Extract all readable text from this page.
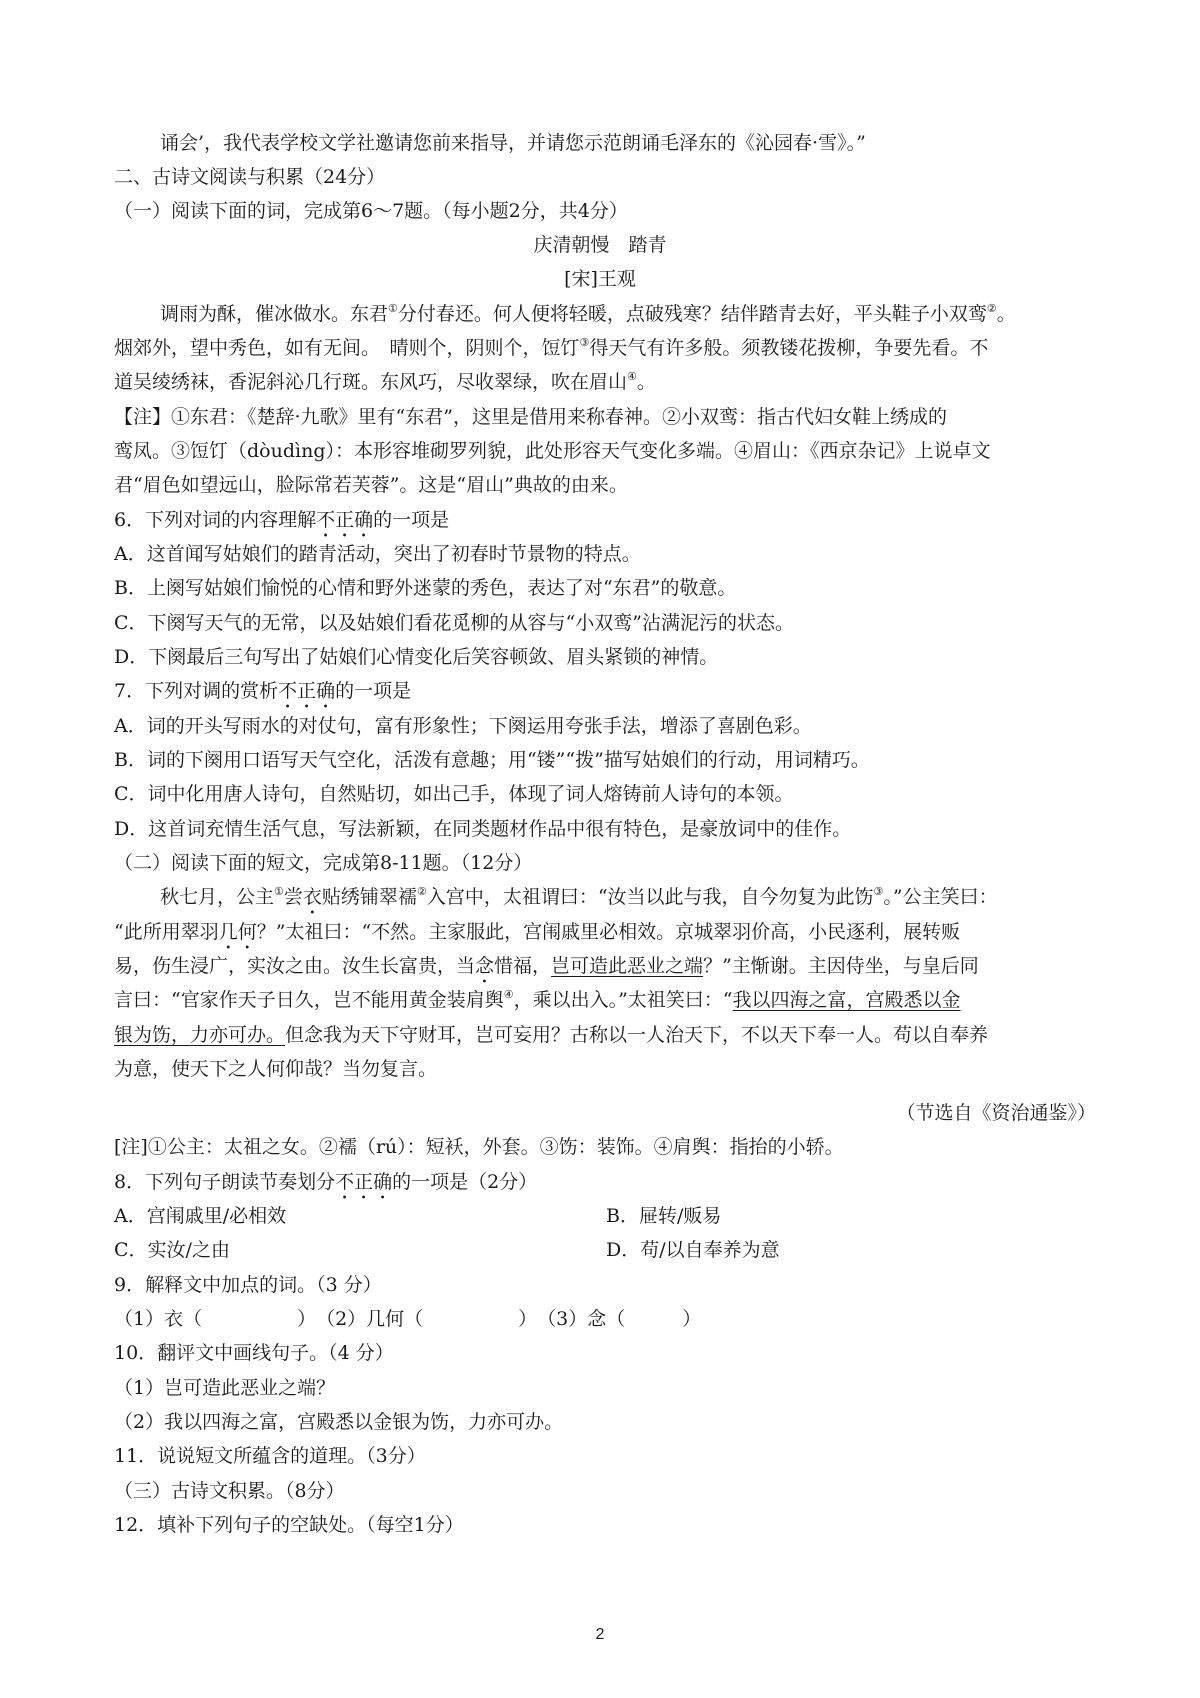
诵会’，我代表学校文学社邀请您前来指导，并请您示范朗诵毛泽东的《沁园春·雪》。”
二、古诗文阅读与积累（24分）
（一）阅读下面的词，完成第6～7题。（每小题2分，共4分）
庆清朝慢　踏青
[宋]王观
调雨为酥，催冰做水。东君①分付春还。何人便将轻暖，点破残寒？结伴踏青去好，平头鞋子小双鸾②。
烟郊外，望中秀色，如有无间。　晴则个，阴则个，饾饤③得天气有许多般。须教镂花拨柳，争要先看。不
道吴绫绣袜，香泥斜沁几行斑。东风巧，尽收翠绿，吹在眉山④。
【注】①东君：《楚辞·九歌》里有“东君”，这里是借用来称春神。②小双鸾：指古代妇女鞋上绣成的
鸾凤。③饾饤（dòudìng）：本形容堆砌罗列貌，此处形容天气变化多端。④眉山：《西京杂记》上说卓文
君“眉色如望远山，脸际常若芙蓉”。这是“眉山”典故的由来。
6．下列对词的内容理解不正确的一项是
A．这首闻写姑娘们的踏青活动，突出了初春时节景物的特点。
B．上阕写姑娘们愉悦的心情和野外迷蒙的秀色，表达了对“东君”的敬意。
C．下阕写天气的无常，以及姑娘们看花觅柳的从容与“小双鸾”沾满泥污的状态。
D．下阕最后三句写出了姑娘们心情变化后笑容顿敛、眉头紧锁的神情。
7．下列对调的赏析不正确的一项是
A．词的开头写雨水的对仗句，富有形象性；下阕运用夸张手法，增添了喜剧色彩。
B．词的下阕用口语写天气空化，活泼有意趣；用“镂”“拨”描写姑娘们的行动，用词精巧。
C．词中化用唐人诗句，自然贴切，如出己手，体现了词人熔铸前人诗句的本领。
D．这首词充情生活气息，写法新颖，在同类题材作品中很有特色，是豪放词中的佳作。
（二）阅读下面的短文，完成第8-11题。（12分）
秋七月，公主①尝衣贴绣铺翠襦②入宫中，太祖谓曰：“汝当以此与我，自今勿复为此饬③。”公主笑曰：
“此所用翠羽几何？”太祖曰：“不然。主家服此，宫闱戚里必相效。京城翠羽价高，小民逐利，展转贩
易，伤生浸广，实汝之由。汝生长富贵，当念惜福，岂可造此恶业之端？”主惭谢。主因侍坐，与皇后同
言曰：“官家作天子日久，岂不能用黄金装肩舆④，乘以出入。”太祖笑曰：“我以四海之富，宫殿悉以金
银为饬，力亦可办。但念我为天下守财耳，岂可妄用？古称以一人治天下，不以天下奉一人。苟以自奉养
为意，使天下之人何仰哉？当勿复言。
（节选自《资治通鉴》）
[注]①公主：太祖之女。②襦（rú）：短袄，外套。③饬：装饰。④肩舆：指抬的小轿。
8．下列句子朗读节奏划分不正确的一项是（2分）
A．宫闱戚里/必相效	B．屉转/贩易
C．实汝/之由	D．苟/以自奉养为意
9．解释文中加点的词。（3 分）
（1）衣（　　　　　）　（2）几何（　　　　　）　（3）念（　　　）
10．翻评文中画线句子。（4 分）
（1）岂可造此恶业之端？
（2）我以四海之富，宫殿悉以金银为饬，力亦可办。
11．说说短文所蕴含的道理。（3分）
（三）古诗文积累。（8分）
12．填补下列句子的空缺处。（每空1分）
2
